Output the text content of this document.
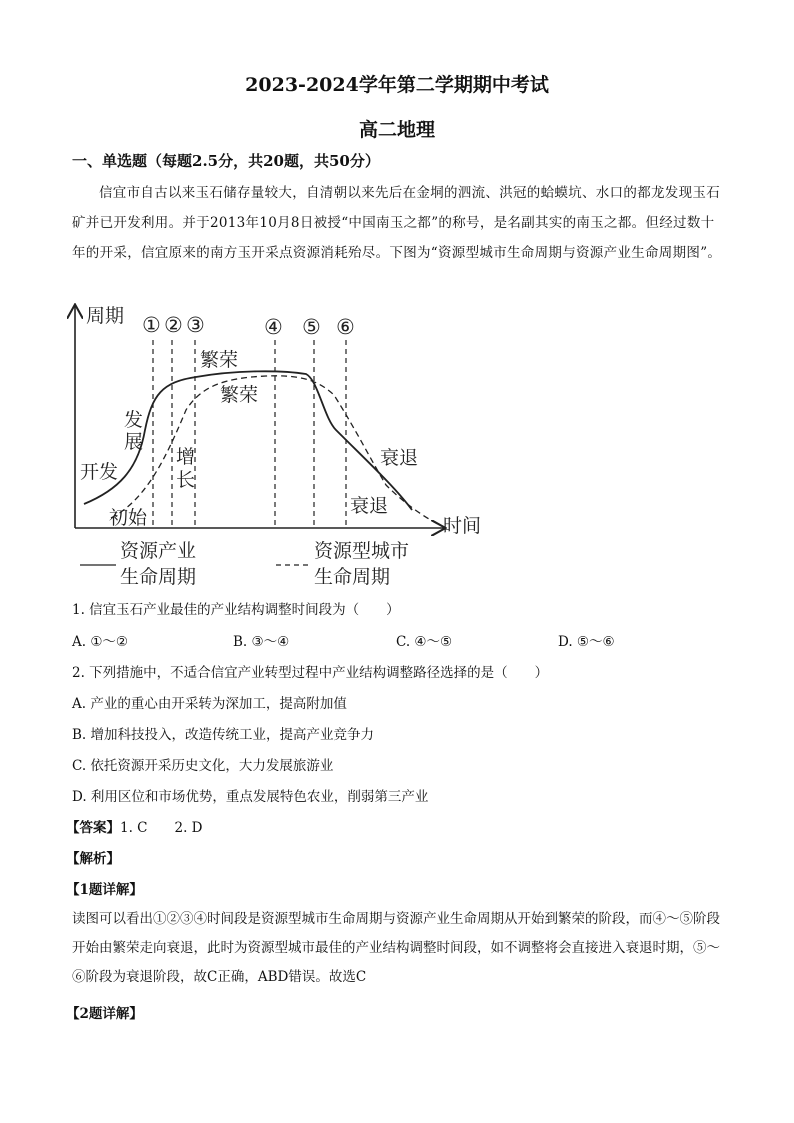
2023-2024学年第二学期期中考试
高二地理
一、单选题（每题2.5分，共20题，共50分）
信宜市自古以来玉石储存量较大，自清朝以来先后在金垌的泗流、洪冠的蛤蟆坑、水口的都龙发现玉石矿并已开发利用。并于2013年10月8日被授“中国南玉之都”的称号，是名副其实的南玉之都。但经过数十年的开采，信宜原来的南方玉开采点资源消耗殆尽。下图为“资源型城市生命周期与资源产业生命周期图”。
周期
时间
① ② ③	④ ⑤ ⑥
繁荣
繁荣
发
展
开发
增
长
初始
衰退
衰退
资源产业
生命周期
资源型城市
生命周期
1. 信宜玉石产业最佳的产业结构调整时间段为（　　）
A. ①～②	B. ③～④	C. ④～⑤	D. ⑤～⑥
2. 下列措施中，不适合信宜产业转型过程中产业结构调整路径选择的是（　　）
A. 产业的重心由开采转为深加工，提高附加值
B. 增加科技投入，改造传统工业，提高产业竞争力
C. 依托资源开采历史文化，大力发展旅游业
D. 利用区位和市场优势，重点发展特色农业，削弱第三产业
【答案】1. C　　2. D
【解析】
【1题详解】
读图可以看出①②③④时间段是资源型城市生命周期与资源产业生命周期从开始到繁荣的阶段，而④～⑤阶段开始由繁荣走向衰退，此时为资源型城市最佳的产业结构调整时间段，如不调整将会直接进入衰退时期，⑤～⑥阶段为衰退阶段，故C正确，ABD错误。故选C
【2题详解】
